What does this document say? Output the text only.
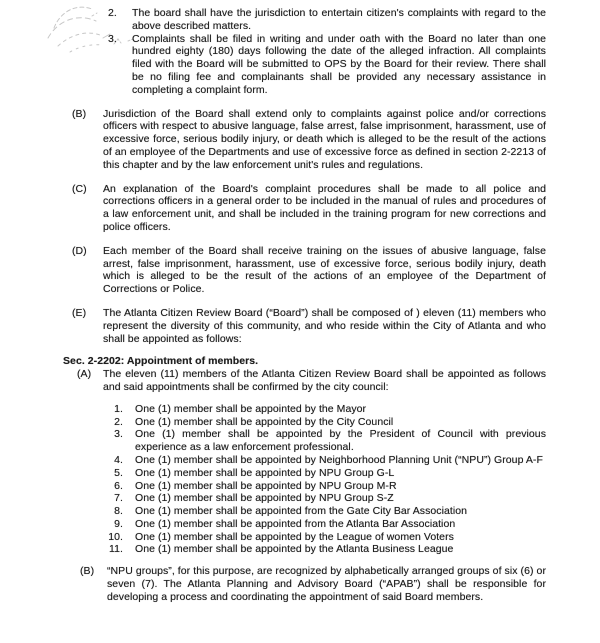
2.	The board shall have the jurisdiction to entertain citizen's complaints with regard to the above described matters.
3.	Complaints shall be filed in writing and under oath with the Board no later than one hundred eighty (180) days following the date of the alleged infraction. All complaints filed with the Board will be submitted to OPS by the Board for their review. There shall be no filing fee and complainants shall be provided any necessary assistance in completing a complaint form.
(B)	Jurisdiction of the Board shall extend only to complaints against police and/or corrections officers with respect to abusive language, false arrest, false imprisonment, harassment, use of excessive force, serious bodily injury, or death which is alleged to be the result of the actions of an employee of the Departments and use of excessive force as defined in section 2-2213 of this chapter and by the law enforcement unit's rules and regulations.
(C)	An explanation of the Board's complaint procedures shall be made to all police and corrections officers in a general order to be included in the manual of rules and procedures of a law enforcement unit, and shall be included in the training program for new corrections and police officers.
(D)	Each member of the Board shall receive training on the issues of abusive language, false arrest, false imprisonment, harassment, use of excessive force, serious bodily injury, death which is alleged to be the result of the actions of an employee of the Department of Corrections or Police.
(E)	The Atlanta Citizen Review Board (“Board”) shall be composed of ) eleven (11) members who represent the diversity of this community, and who reside within the City of Atlanta and who shall be appointed as follows:
Sec. 2-2202: Appointment of members.
(A)	The eleven (11) members of the Atlanta Citizen Review Board shall be appointed as follows and said appointments shall be confirmed by the city council:
1.	One (1) member shall be appointed by the Mayor
2.	One (1) member shall be appointed by the City Council
3.	One (1) member shall be appointed by the President of Council with previous experience as a law enforcement professional.
4.	One (1) member shall be appointed by Neighborhood Planning Unit (“NPU”) Group A-F
5.	One (1) member shall be appointed by NPU Group G-L
6.	One (1) member shall be appointed by NPU Group M-R
7.	One (1) member shall be appointed by NPU Group S-Z
8.	One (1) member shall be appointed from the Gate City Bar Association
9.	One (1) member shall be appointed from the Atlanta Bar Association
10.	One (1) member shall be appointed by the League of women Voters
11.	One (1) member shall be appointed by the Atlanta Business League
(B)	“NPU groups”, for this purpose, are recognized by alphabetically arranged groups of six (6) or seven (7). The Atlanta Planning and Advisory Board (“APAB”) shall be responsible for developing a process and coordinating the appointment of said Board members.
